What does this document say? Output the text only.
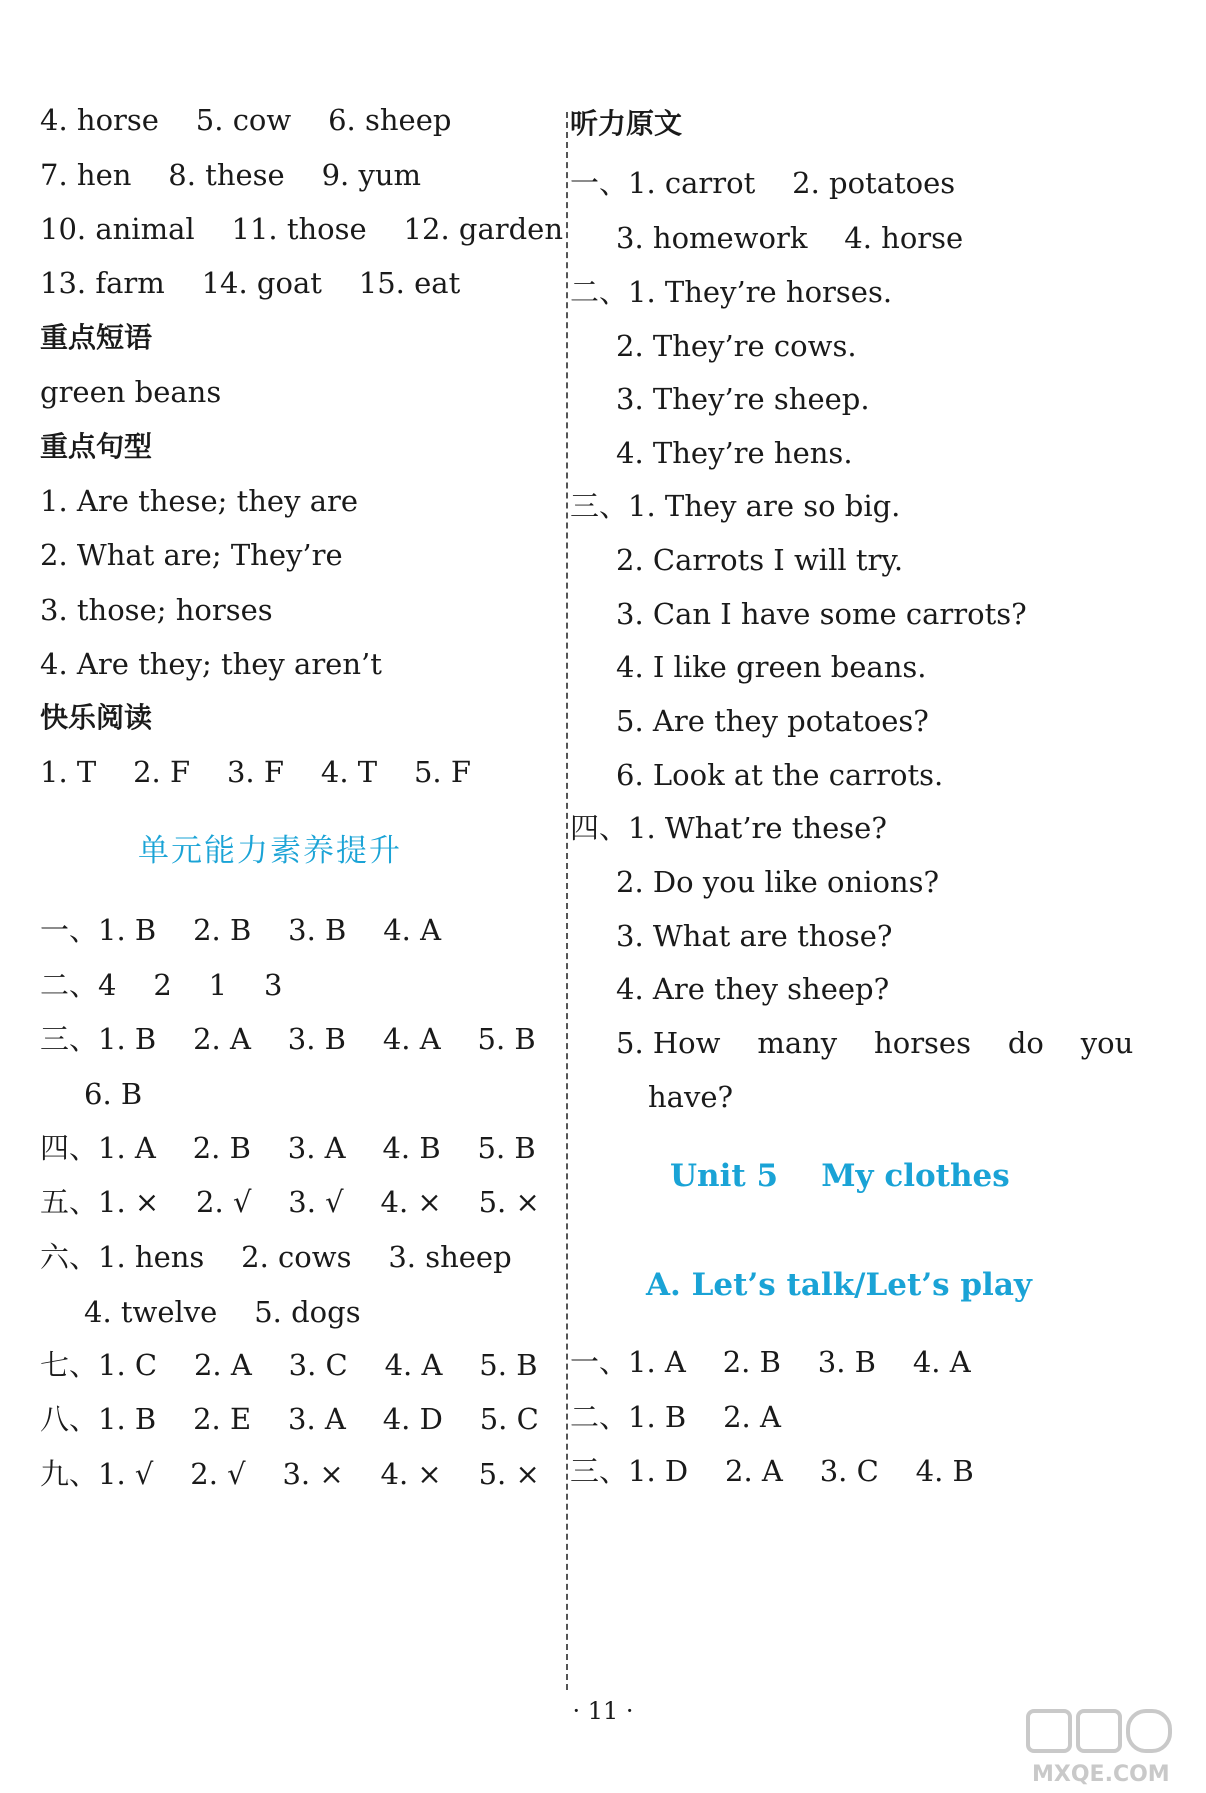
4. horse    5. cow    6. sheep
7. hen    8. these    9. yum
10. animal    11. those    12. garden
13. farm    14. goat    15. eat
重点短语
green beans
重点句型
1. Are these; they are
2. What are; They’re
3. those; horses
4. Are they; they aren’t
快乐阅读
1. T    2. F    3. F    4. T    5. F
单元能力素养提升
一、1. B    2. B    3. B    4. A
二、4    2    1    3
三、1. B    2. A    3. B    4. A    5. B
6. B
四、1. A    2. B    3. A    4. B    5. B
五、1. ×    2. √    3. √    4. ×    5. ×
六、1. hens    2. cows    3. sheep
4. twelve    5. dogs
七、1. C    2. A    3. C    4. A    5. B
八、1. B    2. E    3. A    4. D    5. C
九、1. √    2. √    3. ×    4. ×    5. ×
听力原文
一、1. carrot    2. potatoes
3. homework    4. horse
二、1. They’re horses.
2. They’re cows.
3. They’re sheep.
4. They’re hens.
三、1. They are so big.
2. Carrots I will try.
3. Can I have some carrots?
4. I like green beans.
5. Are they potatoes?
6. Look at the carrots.
四、1. What’re these?
2. Do you like onions?
3. What are those?
4. Are they sheep?
5. How    many    horses    do    you
have?
Unit 5    My clothes
A. Let’s talk/Let’s play
一、1. A    2. B    3. B    4. A
二、1. B    2. A
三、1. D    2. A    3. C    4. B
· 11 ·
MXQE.COM
